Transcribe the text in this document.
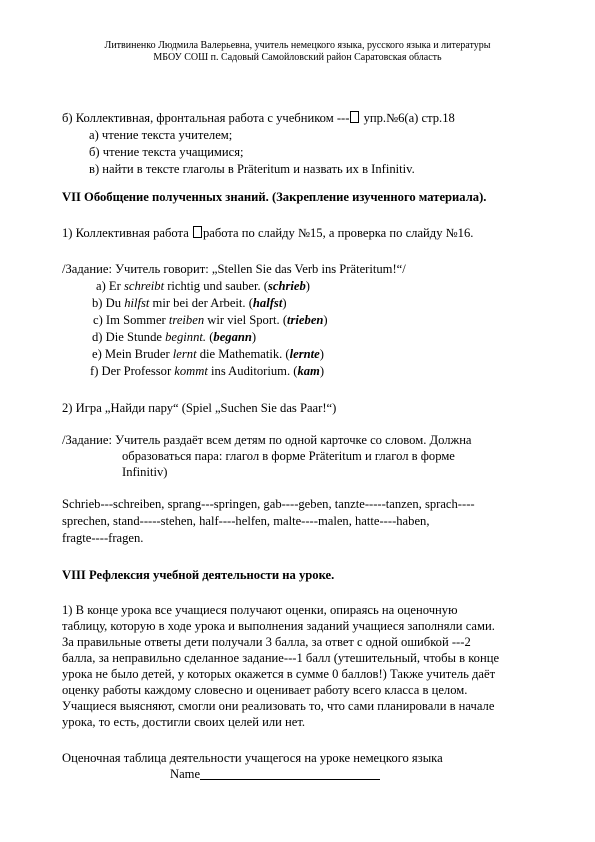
Литвиненко Людмила Валерьевна, учитель немецкого языка, русского языка и литературы
МБОУ СОШ п. Садовый Самойловский район Саратовская область
б) Коллективная, фронтальная работа с учебником --- упр.№6(а) стр.18
а) чтение текста учителем;
б) чтение текста учащимися;
в) найти в тексте глаголы в Präteritum и назвать их в Infinitiv.
VII Обобщение полученных знаний. (Закрепление изученного материала).
1) Коллективная работа работа по слайду №15, а проверка по слайду №16.
/Задание: Учитель говорит: „Stellen Sie das Verb ins Präteritum!“/
a) Er schreibt richtig und sauber. (schrieb)
b) Du hilfst mir bei der Arbeit. (halfst)
c) Im Sommer treiben wir viel Sport. (trieben)
d) Die Stunde beginnt. (begann)
e) Mein Bruder lernt die Mathematik. (lernte)
f) Der Professor kommt ins Auditorium. (kam)
2) Игра „Найди пару“ (Spiel „Suchen Sie das Paar!“)
/Задание: Учитель раздаёт всем детям по одной карточке со словом. Должна
образоваться пара: глагол в форме Präteritum и глагол в форме
Infinitiv)
Schrieb---schreiben, sprang---springen, gab----geben, tanzte-----tanzen, sprach----
sprechen, stand-----stehen, half----helfen, malte----malen, hatte----haben,
fragte----fragen.
VIII Рефлексия учебной деятельности на уроке.
1) В конце урока все учащиеся получают оценки, опираясь на оценочную
таблицу, которую в ходе урока и выполнения заданий учащиеся заполняли сами.
За правильные ответы дети получали 3 балла, за ответ с одной ошибкой ---2
балла, за неправильно сделанное задание---1 балл (утешительный, чтобы в конце
урока не было детей, у которых окажется в сумме 0 баллов!) Также учитель даёт
оценку работы каждому словесно и оценивает работу всего класса в целом.
Учащиеся выясняют, смогли они реализовать то, что сами планировали в начале
урока, то есть, достигли своих целей или нет.
Оценочная таблица деятельности учащегося на уроке немецкого языка
Name
